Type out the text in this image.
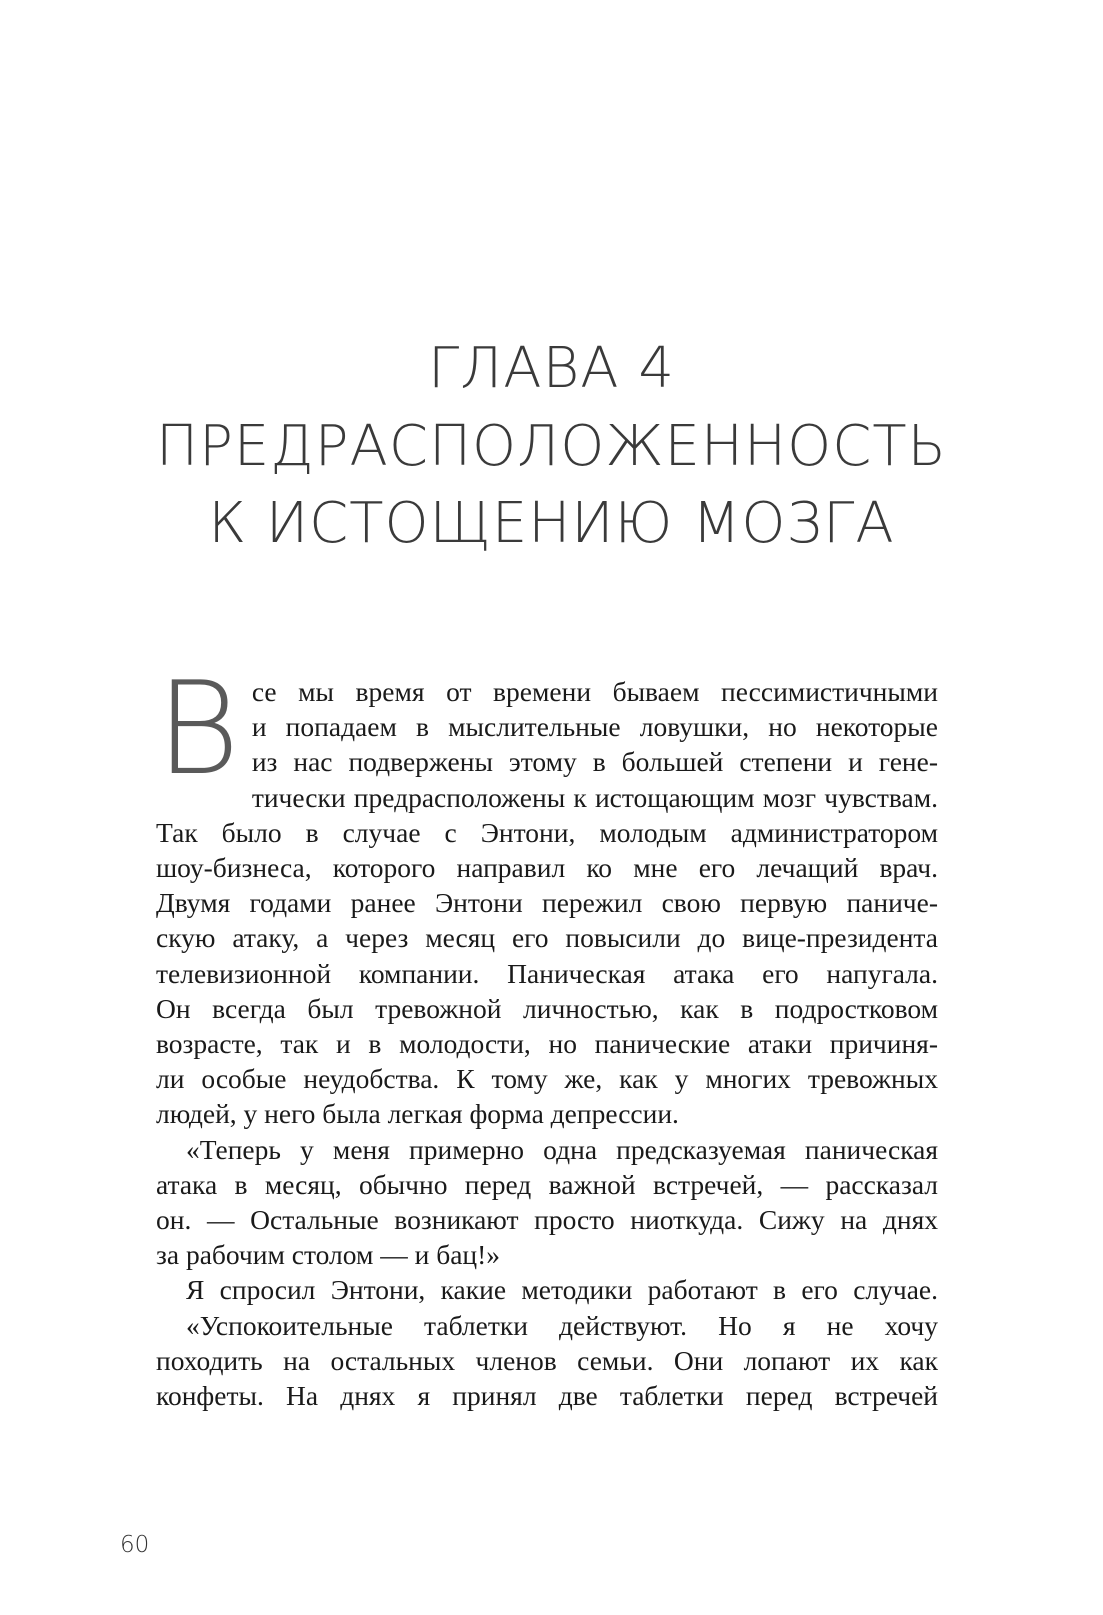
ГЛАВА 4
ПРЕДРАСПОЛОЖЕННОСТЬ
К ИСТОЩЕНИЮ МОЗГА
В се мы время от времени бываем пессимистичными
и попадаем в мыслительные ловушки, но некоторые
из нас подвержены этому в большей степени и гене-
тически предрасположены к истощающим мозг чувствам.
Так было в случае с Энтони, молодым администратором
шоу-бизнеса, которого направил ко мне его лечащий врач.
Двумя годами ранее Энтони пережил свою первую паниче-
скую атаку, а через месяц его повысили до вице-президента
телевизионной компании. Паническая атака его напугала.
Он всегда был тревожной личностью, как в подростковом
возрасте, так и в молодости, но панические атаки причиня-
ли особые неудобства. К тому же, как у многих тревожных
людей, у него была легкая форма депрессии.
«Теперь у меня примерно одна предсказуемая паническая
атака в месяц, обычно перед важной встречей, — рассказал
он. — Остальные возникают просто ниоткуда. Сижу на днях
за рабочим столом — и бац!»
Я спросил Энтони, какие методики работают в его случае.
«Успокоительные таблетки действуют. Но я не хочу
походить на остальных членов семьи. Они лопают их как
конфеты. На днях я принял две таблетки перед встречей
60
